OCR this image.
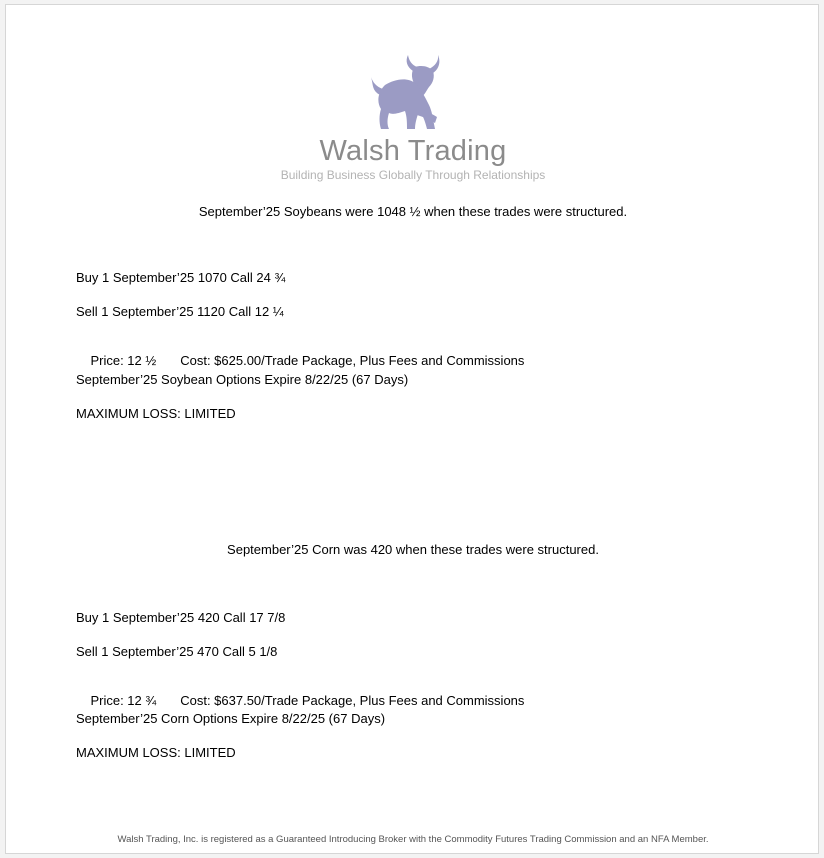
Walsh Trading
Building Business Globally Through Relationships
September’25 Soybeans were 1048 ½ when these trades were structured.
Buy 1 September’25 1070 Call 24 ¾
Sell 1 September’25 1120 Call 12 ¼

Price: 12 ½ Cost: $625.00/Trade Package, Plus Fees and Commissions

September’25 Soybean Options Expire 8/22/25 (67 Days)
MAXIMUM LOSS: LIMITED
September’25 Corn was 420 when these trades were structured.
Buy 1 September’25 420 Call 17 7/8
Sell 1 September’25 470 Call 5 1/8

Price: 12 ¾ Cost: $637.50/Trade Package, Plus Fees and Commissions

September’25 Corn Options Expire 8/22/25 (67 Days)
MAXIMUM LOSS: LIMITED
Walsh Trading, Inc. is registered as a Guaranteed Introducing Broker with the Commodity Futures Trading Commission and an NFA Member.
